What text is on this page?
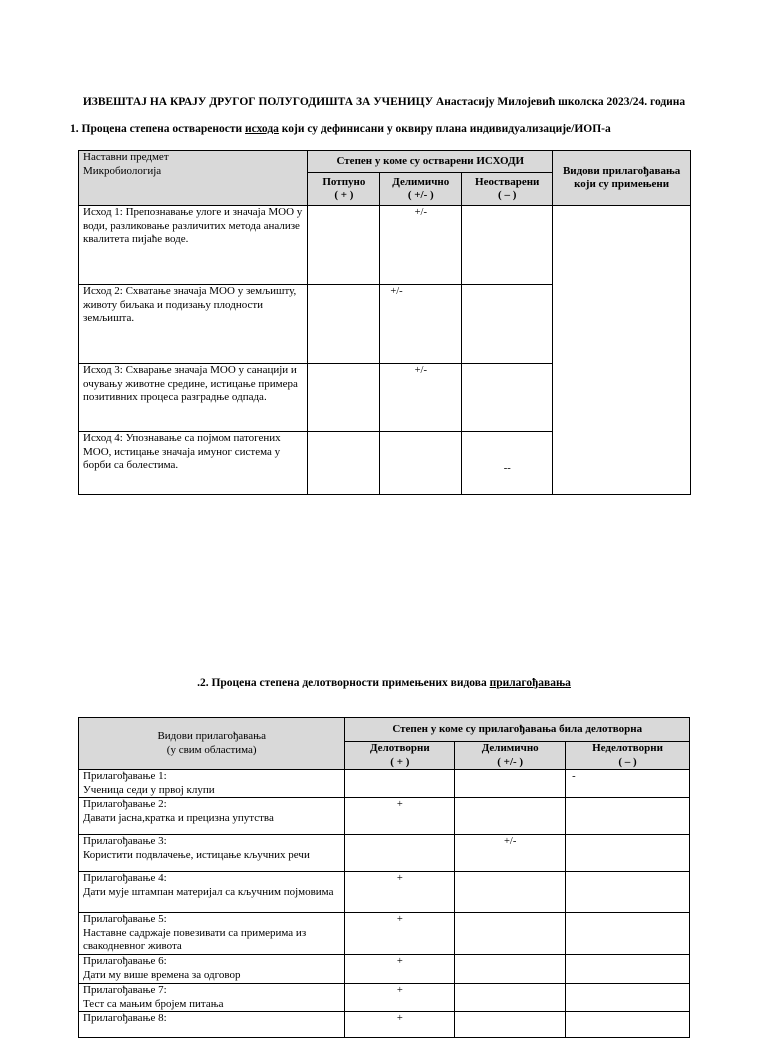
ИЗВЕШТАЈ НА КРАЈУ ДРУГОГ ПОЛУГОДИШТА ЗА УЧЕНИЦУ Анастасију Милојевић школска 2023/24. година
1. Процена степена остварености исхода који су дефинисани у оквиру плана индивидуализације/ИОП-а
Наставни предмет
Микробиологија	Степен у коме су остварени ИСХОДИ			Видови прилагођавања који су примењени

	Потпуно
( + )	Делимично
( +/- )	Неостварени
( – )	

Исход 1: Препознавање улоге и значаја МОО у води, разликовање различитих метода анализе квалитета пијаће воде.		+/-		
Исход 2: Схватање значаја МОО у земљишту, животу биљака и подизању плодности земљишта.		+/-		
Исход 3: Схварање значаја МОО у санацији и очувању животне средине, истицање примера позитивних процеса разградње одпада.		+/-		
Исход 4: Упознавање са појмом патогених МОО, истицање значаја имуног система у борби са болестима.			--	
.2. Процена степена делотворности примењених видова прилагођавања
Видови прилагођавања
(у свим областима)	Степен у коме су прилагођавања била делотворна		

	Делотворни
( + )	Делимично
( +/- )	Неделотворни
( – )

Прилагођавање 1:
Ученица седи у првој клупи			-

Прилагођавање 2:
Давати јасна,кратка и прецизна упутства	+		

Прилагођавање 3:
Користити подвлачење, истицање кључних речи		+/-	

Прилагођавање 4:
Дати мује штампан материјал са кључним појмовима	+		

Прилагођавање 5:
Наставне садржаје повезивати са примерима из свакодневног живота	+		

Прилагођавање 6:
Дати му више времена за одговор	+		

Прилагођавање 7:
Тест са мањим бројем питања	+		

Прилагођавање 8:	+		
